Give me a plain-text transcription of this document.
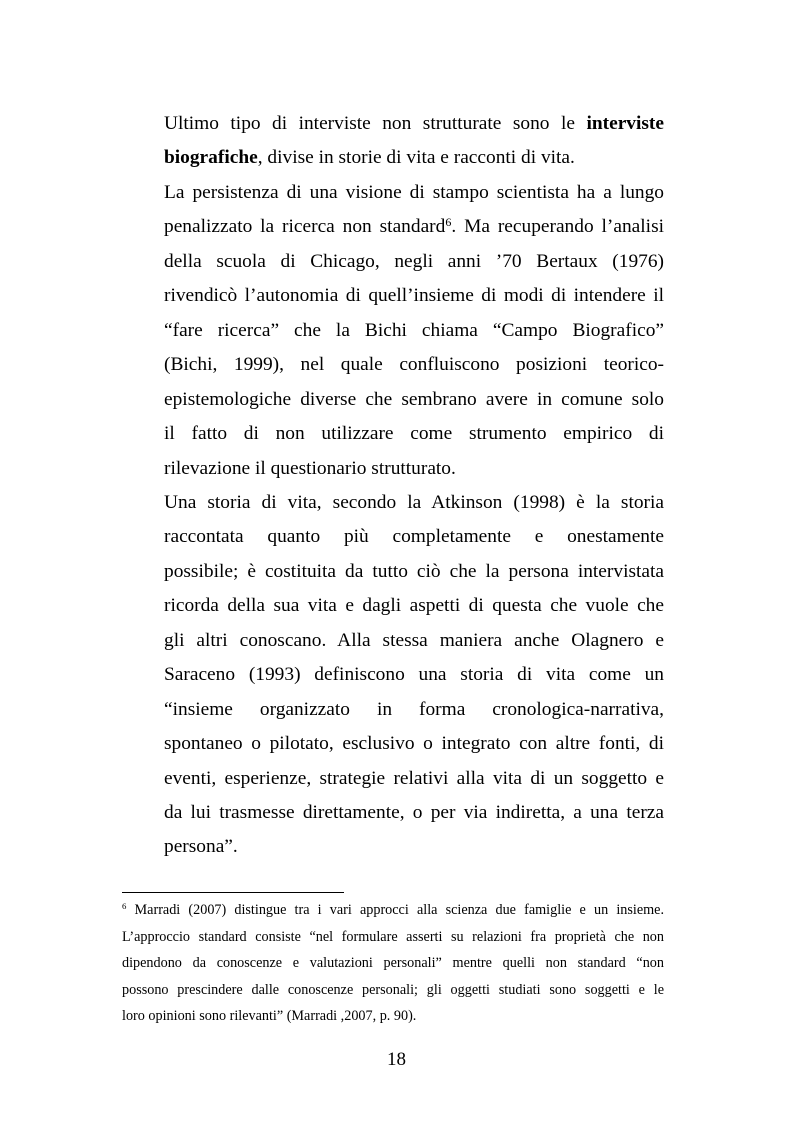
Ultimo tipo di interviste non strutturate sono le interviste
biografiche, divise in storie di vita e racconti di vita.
La persistenza di una visione di stampo scientista ha a lungo
penalizzato la ricerca non standard$^6$. Ma recuperando l’analisi
della scuola di Chicago, negli anni ’70 Bertaux (1976)
rivendicò l’autonomia di quell’insieme di modi di intendere il
“fare ricerca” che la Bichi chiama “Campo Biografico”
(Bichi, 1999), nel quale confluiscono posizioni teorico-
epistemologiche diverse che sembrano avere in comune solo
il fatto di non utilizzare come strumento empirico di
rilevazione il questionario strutturato.
Una storia di vita, secondo la Atkinson (1998) è la storia
raccontata quanto più completamente e onestamente
possibile; è costituita da tutto ciò che la persona intervistata
ricorda della sua vita e dagli aspetti di questa che vuole che
gli altri conoscano. Alla stessa maniera anche Olagnero e
Saraceno (1993) definiscono una storia di vita come un
“insieme organizzato in forma cronologica-narrativa,
spontaneo o pilotato, esclusivo o integrato con altre fonti, di
eventi, esperienze, strategie relativi alla vita di un soggetto e
da lui trasmesse direttamente, o per via indiretta, a una terza
persona”.
$^6$ Marradi (2007) distingue tra i vari approcci alla scienza due famiglie e un insieme.
L’approccio standard consiste “nel formulare asserti su relazioni fra proprietà che non
dipendono da conoscenze e valutazioni personali” mentre quelli non standard “non
possono prescindere dalle conoscenze personali; gli oggetti studiati sono soggetti e le
loro opinioni sono rilevanti” (Marradi ,2007, p. 90).
18
